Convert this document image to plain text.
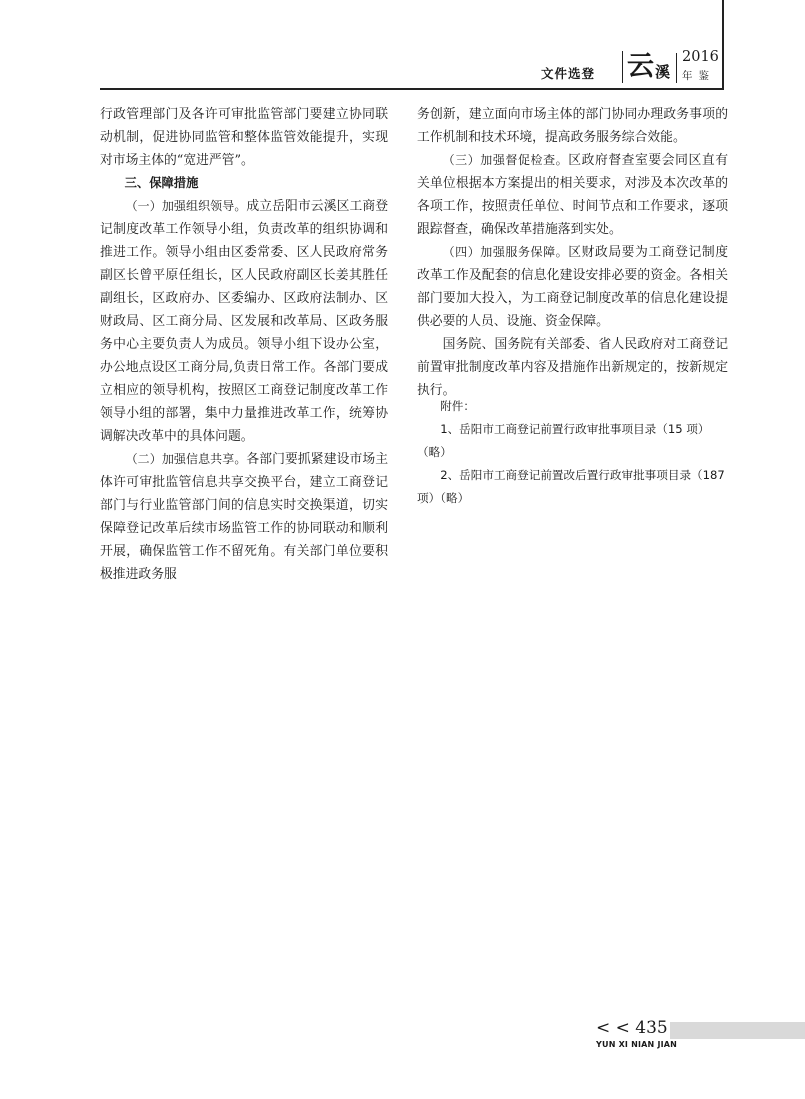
文件选登 云 溪
2016
年鉴

行政管理部门及各许可审批监管部门要建立协同联动机制，促进协同监管和整体监管效能提升，实现对市场主体的“宽进严管”。

三、保障措施

（一）加强组织领导。成立岳阳市云溪区工商登记制度改革工作领导小组，负责改革的组织协调和推进工作。领导小组由区委常委、区人民政府常务副区长曾平原任组长，区人民政府副区长姜其胜任副组长，区政府办、区委编办、区政府法制办、区财政局、区工商分局、区发展和改革局、区政务服务中心主要负责人为成员。领导小组下设办公室，办公地点设区工商分局,负责日常工作。各部门要成立相应的领导机构，按照区工商登记制度改革工作领导小组的部署，集中力量推进改革工作，统筹协调解决改革中的具体问题。

（二）加强信息共享。各部门要抓紧建设市场主体许可审批监管信息共享交换平台，建立工商登记部门与行业监管部门间的信息实时交换渠道，切实保障登记改革后续市场监管工作的协同联动和顺利开展，确保监管工作不留死角。有关部门单位要积极推进政务服

务创新，建立面向市场主体的部门协同办理政务事项的工作机制和技术环境，提高政务服务综合效能。

（三）加强督促检查。区政府督查室要会同区直有关单位根据本方案提出的相关要求，对涉及本次改革的各项工作，按照责任单位、时间节点和工作要求，逐项跟踪督查，确保改革措施落到实处。

（四）加强服务保障。区财政局要为工商登记制度改革工作及配套的信息化建设安排必要的资金。各相关部门要加大投入，为工商登记制度改革的信息化建设提供必要的人员、设施、资金保障。

国务院、国务院有关部委、省人民政府对工商登记前置审批制度改革内容及措施作出新规定的，按新规定执行。

附件：

1、岳阳市工商登记前置行政审批事项目录（15 项）（略）

2、岳阳市工商登记前置改后置行政审批事项目录（187 项）（略）

< < 435
YUN XI NIAN JIAN
